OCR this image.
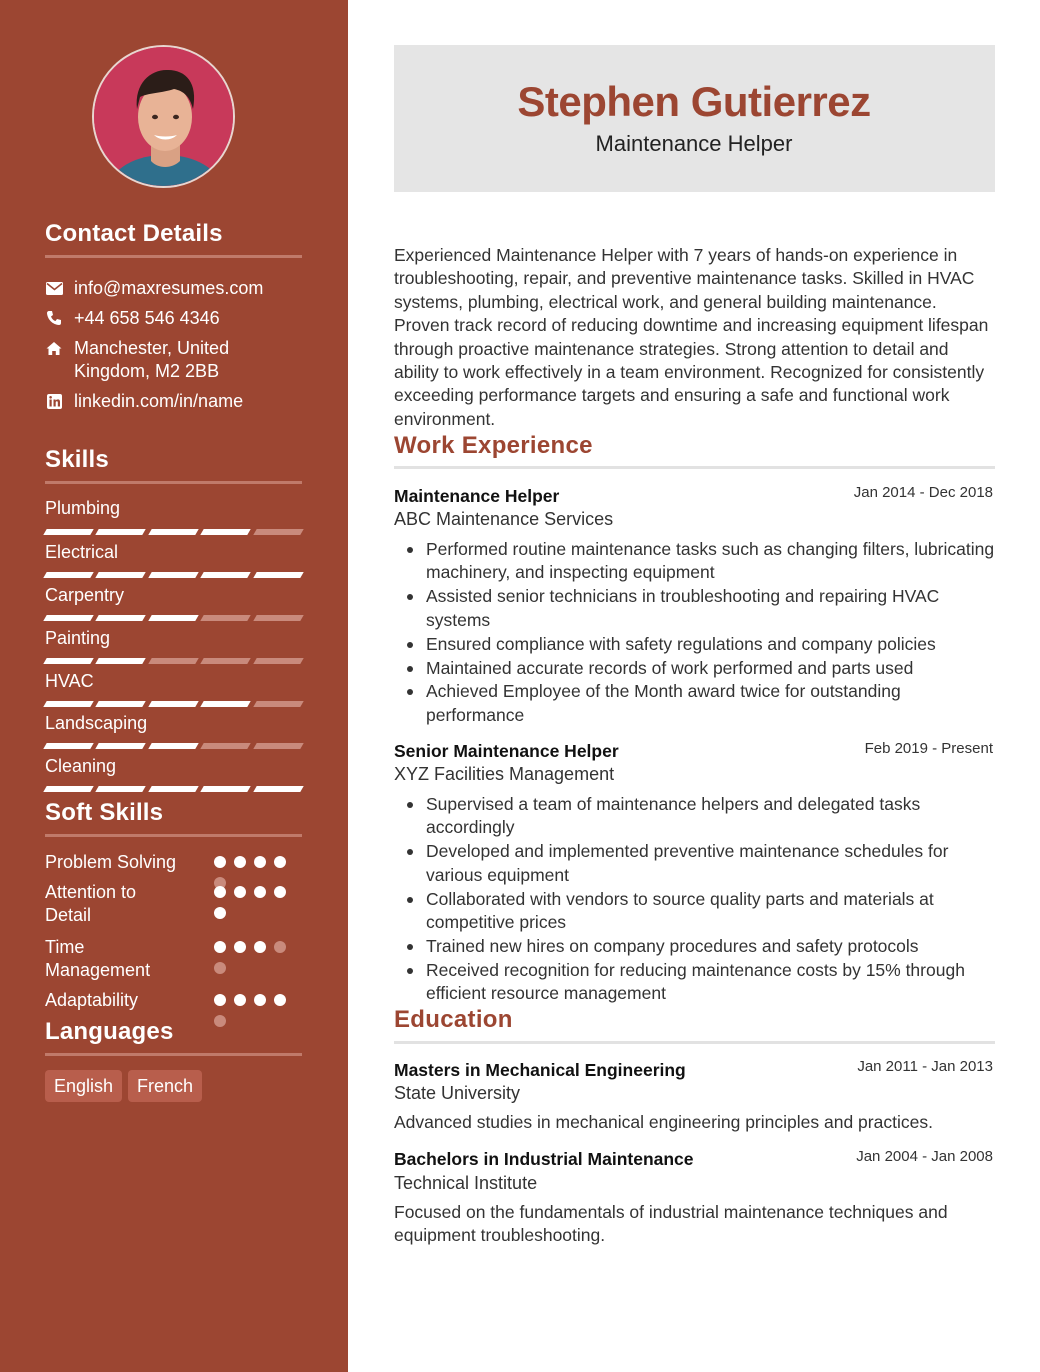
Contact Details
info@maxresumes.com
+44 658 546 4346
Manchester, United Kingdom, M2 2BB
linkedin.com/in/name
Skills
Plumbing
Electrical
Carpentry
Painting
HVAC
Landscaping
Cleaning
Soft Skills
Problem Solving
Attention to Detail
Time Management
Adaptability
Languages
English	French
Stephen Gutierrez
Maintenance Helper

Experienced Maintenance Helper with 7 years of hands-on experience in troubleshooting, repair, and preventive maintenance tasks. Skilled in HVAC systems, plumbing, electrical work, and general building maintenance. Proven track record of reducing downtime and increasing equipment lifespan through proactive maintenance strategies. Strong attention to detail and ability to work effectively in a team environment. Recognized for consistently exceeding performance targets and ensuring a safe and functional work environment.

Work Experience
Maintenance Helper	Jan 2014 - Dec 2018
ABC Maintenance Services
Performed routine maintenance tasks such as changing filters, lubricating machinery, and inspecting equipment
Assisted senior technicians in troubleshooting and repairing HVAC systems
Ensured compliance with safety regulations and company policies
Maintained accurate records of work performed and parts used
Achieved Employee of the Month award twice for outstanding performance
Senior Maintenance Helper	Feb 2019 - Present
XYZ Facilities Management
Supervised a team of maintenance helpers and delegated tasks accordingly
Developed and implemented preventive maintenance schedules for various equipment
Collaborated with vendors to source quality parts and materials at competitive prices
Trained new hires on company procedures and safety protocols
Received recognition for reducing maintenance costs by 15% through efficient resource management
Education
Masters in Mechanical Engineering	Jan 2011 - Jan 2013
State University

Advanced studies in mechanical engineering principles and practices.

Bachelors in Industrial Maintenance	Jan 2004 - Jan 2008
Technical Institute

Focused on the fundamentals of industrial maintenance techniques and equipment troubleshooting.
